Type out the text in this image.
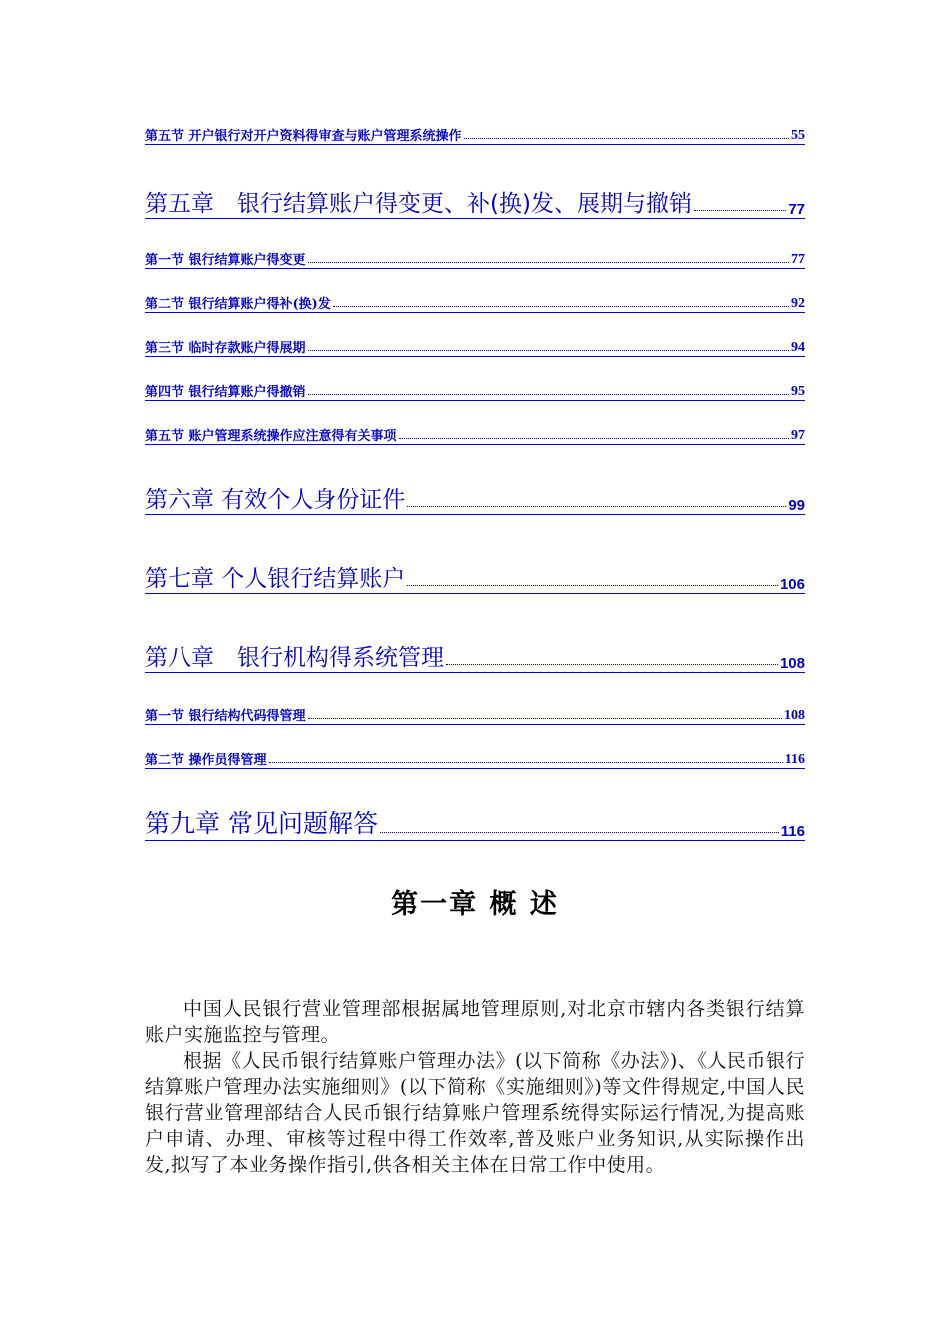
第五节 开户银行对开户资料得审查与账户管理系统操作	55
第五章　银行结算账户得变更、补(换)发、展期与撤销	77
第一节 银行结算账户得变更	77
第二节 银行结算账户得补(换)发	92
第三节 临时存款账户得展期	94
第四节 银行结算账户得撤销	95
第五节 账户管理系统操作应注意得有关事项	97
第六章 有效个人身份证件	99
第七章 个人银行结算账户	106
第八章　银行机构得系统管理	108
第一节 银行结构代码得管理	108
第二节 操作员得管理	116
第九章 常见问题解答	116
第一章 概 述

中国人民银行营业管理部根据属地管理原则,对北京市辖内各类银行结算账户实施监控与管理。

根据《人民币银行结算账户管理办法》(以下简称《办法》)、《人民币银行结算账户管理办法实施细则》(以下简称《实施细则》)等文件得规定,中国人民银行营业管理部结合人民币银行结算账户管理系统得实际运行情况,为提高账户申请、办理、审核等过程中得工作效率,普及账户业务知识,从实际操作出发,拟写了本业务操作指引,供各相关主体在日常工作中使用。
